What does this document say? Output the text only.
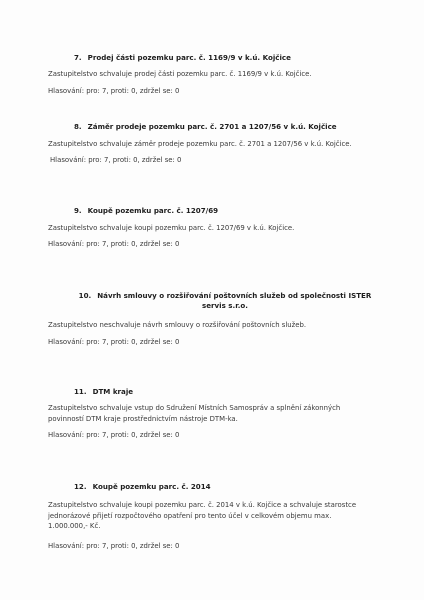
7. Prodej části pozemku parc. č. 1169/9 v k.ú. Kojčice
Zastupitelstvo schvaluje prodej části pozemku parc. č. 1169/9 v k.ú. Kojčice.
Hlasování: pro: 7, proti: 0, zdržel se: 0
8. Záměr prodeje pozemku parc. č. 2701 a 1207/56 v k.ú. Kojčice
Zastupitelstvo schvaluje záměr prodeje pozemku parc. č. 2701 a 1207/56 v k.ú. Kojčice.
Hlasování: pro: 7, proti: 0, zdržel se: 0
9. Koupě pozemku parc. č. 1207/69
Zastupitelstvo schvaluje koupi pozemku parc. č. 1207/69 v k.ú. Kojčice.
Hlasování: pro: 7, proti: 0, zdržel se: 0
10. Návrh smlouvy o rozšiřování poštovních služeb od společnosti ISTER servis s.r.o.
Zastupitelstvo neschvaluje návrh smlouvy o rozšiřování poštovních služeb.
Hlasování: pro: 7, proti: 0, zdržel se: 0
11. DTM kraje
Zastupitelstvo schvaluje vstup do Sdružení Místních Samospráv a splnění zákonných povinností DTM kraje prostřednictvím nástroje DTM-ka.
Hlasování: pro: 7, proti: 0, zdržel se: 0
12. Koupě pozemku parc. č. 2014
Zastupitelstvo schvaluje koupi pozemku parc. č. 2014 v k.ú. Kojčice a schvaluje starostce jednorázové přijetí rozpočtového opatření pro tento účel v celkovém objemu max. 1.000.000,- Kč.
Hlasování: pro: 7, proti: 0, zdržel se: 0
